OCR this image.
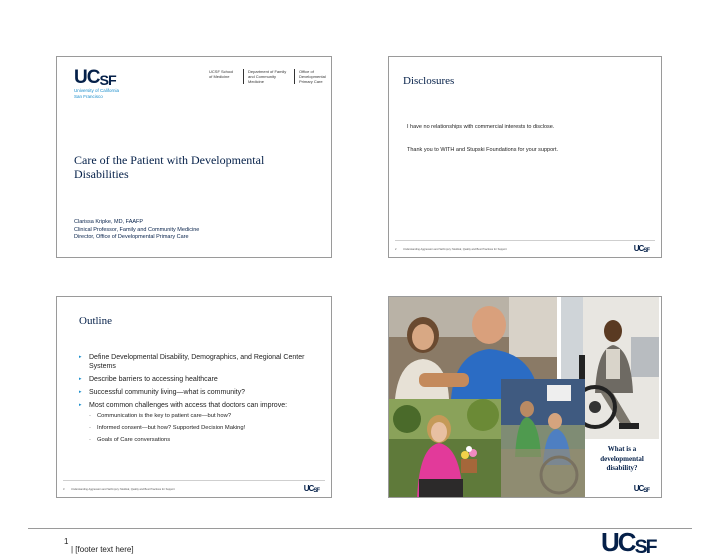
UCSF
University of California
San Francisco
UCSF School
of Medicine
Department of Family
and Community Medicine
Office of Developmental
Primary Care
Care of the Patient with Developmental Disabilities
Clarissa Kripke, MD, FAAFP
Clinical Professor, Family and Community Medicine
Director, Office of Developmental Primary Care
Disclosures
I have no relationships with commercial interests to disclose.
Thank you to WITH and Stupski Foundations for your support.
2	Understanding Aggression and Self-Injury: Medical, Quality and Best Practices for Support	UCSF
Outline
▸ Define Developmental Disability, Demographics, and Regional Center Systems
▸ Describe barriers to accessing healthcare
▸ Successful community living—what is community?
▸ Most common challenges with access that doctors can improve:
- Communication is the key to patient care—but how?
- Informed consent—but how? Supported Decision Making!
- Goals of Care conversations
3	Understanding Aggression and Self-Injury: Medical, Quality and Best Practices for Support	UCSF
What is a
developmental
disability?
UCSF
1
| [footer text here]	UCSF
